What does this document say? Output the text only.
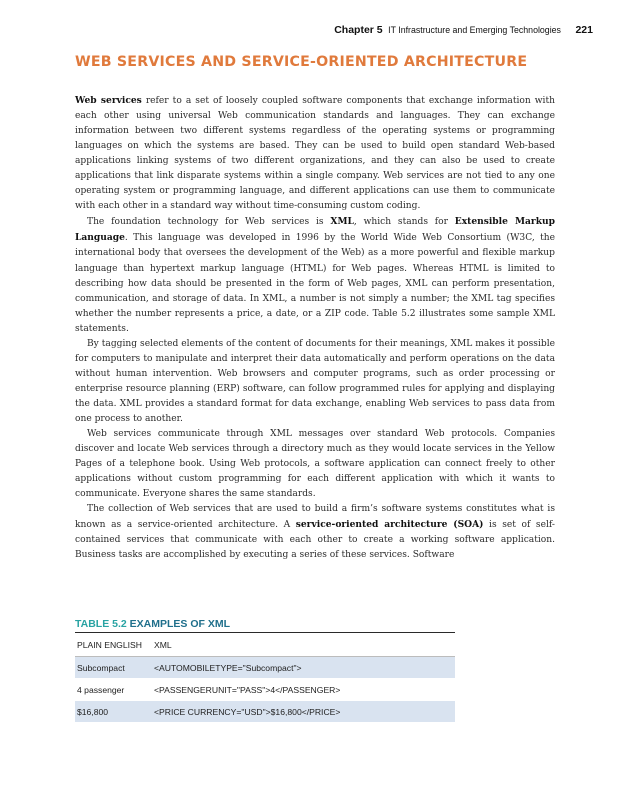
Chapter 5 IT Infrastructure and Emerging Technologies 221
WEB SERVICES AND SERVICE-ORIENTED ARCHITECTURE

Web services refer to a set of loosely coupled software components that exchange information with each other using universal Web communication standards and languages. They can exchange information between two different systems regardless of the operating systems or programming languages on which the systems are based. They can be used to build open standard Web-based applications linking systems of two different organizations, and they can also be used to create applications that link disparate systems within a single company. Web services are not tied to any one operating system or programming language, and different applications can use them to communicate with each other in a standard way without time-consuming custom coding.

The foundation technology for Web services is XML, which stands for Extensible Markup Language. This language was developed in 1996 by the World Wide Web Consortium (W3C, the international body that oversees the development of the Web) as a more powerful and flexible markup language than hypertext markup language (HTML) for Web pages. Whereas HTML is limited to describing how data should be presented in the form of Web pages, XML can perform presentation, communication, and storage of data. In XML, a number is not simply a number; the XML tag specifies whether the number represents a price, a date, or a ZIP code. Table 5.2 illustrates some sample XML statements.

By tagging selected elements of the content of documents for their meanings, XML makes it possible for computers to manipulate and interpret their data automatically and perform operations on the data without human intervention. Web browsers and computer programs, such as order processing or enterprise resource planning (ERP) software, can follow programmed rules for applying and displaying the data. XML provides a standard format for data exchange, enabling Web services to pass data from one process to another.

Web services communicate through XML messages over standard Web protocols. Companies discover and locate Web services through a directory much as they would locate services in the Yellow Pages of a telephone book. Using Web protocols, a software application can connect freely to other applications without custom programming for each different application with which it wants to communicate. Everyone shares the same standards.

The collection of Web services that are used to build a firm’s software systems constitutes what is known as a service-oriented architecture. A service-oriented architecture (SOA) is set of self-contained services that communicate with each other to create a working software application. Business tasks are accomplished by executing a series of these services. Software

TABLE 5.2 EXAMPLES OF XML
PLAIN ENGLISH	XML
Subcompact	<AUTOMOBILETYPE="Subcompact">
4 passenger	<PASSENGERUNIT="PASS">4</PASSENGER>
$16,800	<PRICE CURRENCY="USD">$16,800</PRICE>
